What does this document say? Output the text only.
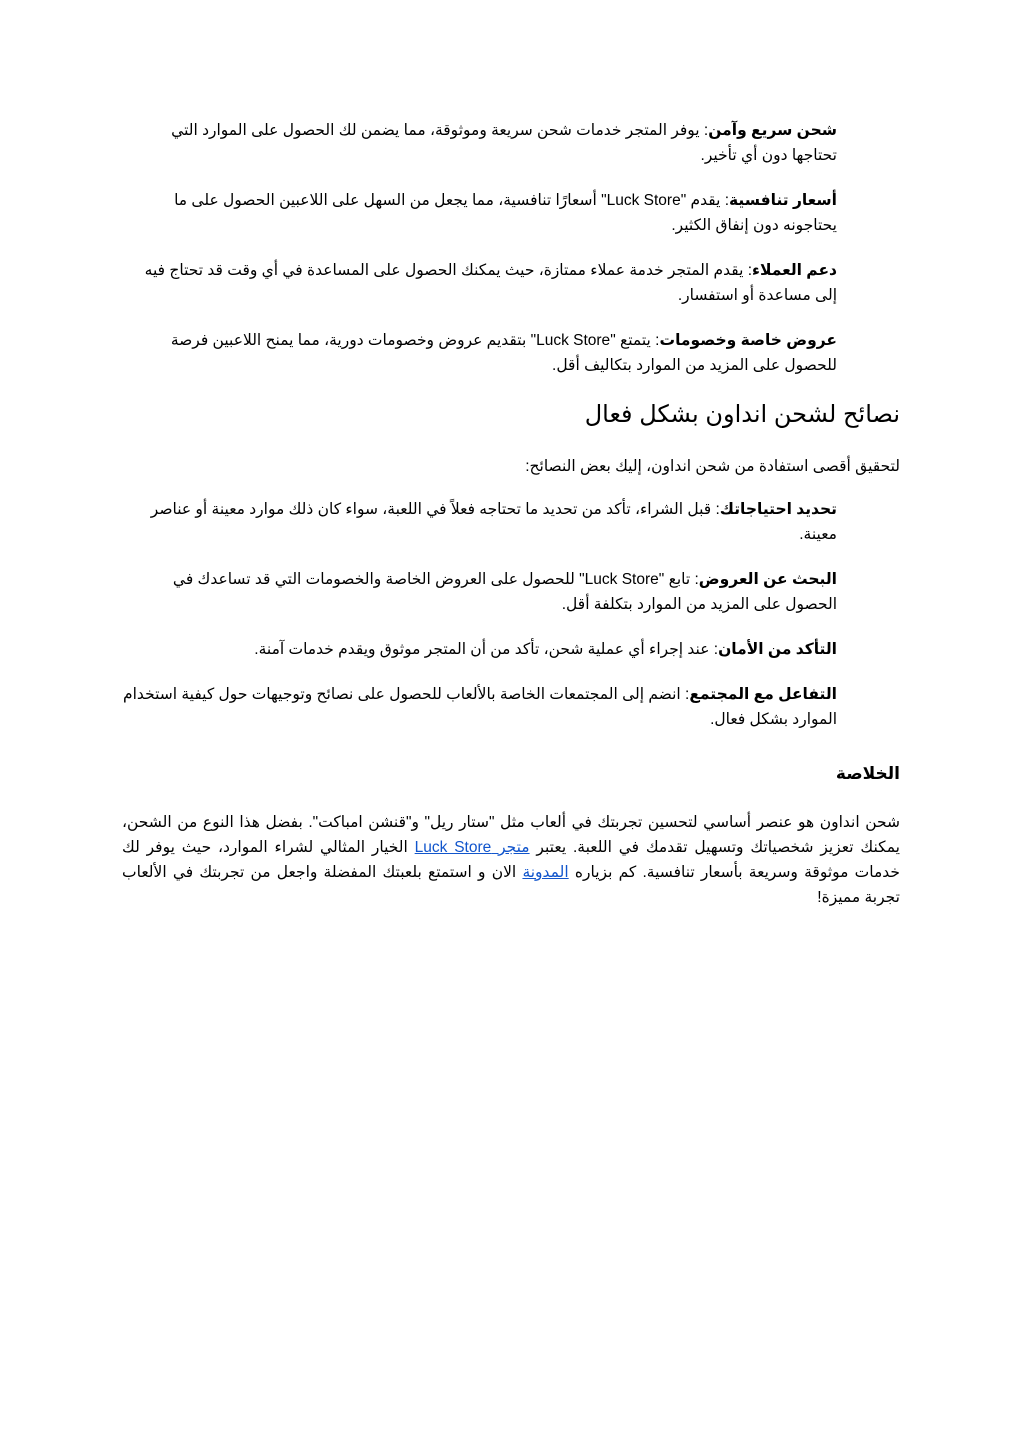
شحن سريع وآمن: يوفر المتجر خدمات شحن سريعة وموثوقة، مما يضمن لك الحصول على الموارد التي تحتاجها دون أي تأخير.
أسعار تنافسية: يقدم "Luck Store" أسعارًا تنافسية، مما يجعل من السهل على اللاعبين الحصول على ما يحتاجونه دون إنفاق الكثير.
دعم العملاء: يقدم المتجر خدمة عملاء ممتازة، حيث يمكنك الحصول على المساعدة في أي وقت قد تحتاج فيه إلى مساعدة أو استفسار.
عروض خاصة وخصومات: يتمتع "Luck Store" بتقديم عروض وخصومات دورية، مما يمنح اللاعبين فرصة للحصول على المزيد من الموارد بتكاليف أقل.
نصائح لشحن انداون بشكل فعال

لتحقيق أقصى استفادة من شحن انداون، إليك بعض النصائح:

تحديد احتياجاتك: قبل الشراء، تأكد من تحديد ما تحتاجه فعلاً في اللعبة، سواء كان ذلك موارد معينة أو عناصر معينة.
البحث عن العروض: تابع "Luck Store" للحصول على العروض الخاصة والخصومات التي قد تساعدك في الحصول على المزيد من الموارد بتكلفة أقل.
التأكد من الأمان: عند إجراء أي عملية شحن، تأكد من أن المتجر موثوق ويقدم خدمات آمنة.
التفاعل مع المجتمع: انضم إلى المجتمعات الخاصة بالألعاب للحصول على نصائح وتوجيهات حول كيفية استخدام الموارد بشكل فعال.
الخلاصة

شحن انداون هو عنصر أساسي لتحسين تجربتك في ألعاب مثل "ستار ريل" و"قنشن امباكت". بفضل هذا النوع من الشحن، يمكنك تعزيز شخصياتك وتسهيل تقدمك في اللعبة. يعتبر متجر Luck Store الخيار المثالي لشراء الموارد، حيث يوفر لك خدمات موثوقة وسريعة بأسعار تنافسية. كم بزياره المدونة الان و استمتع بلعبتك المفضلة واجعل من تجربتك في الألعاب تجربة مميزة!
